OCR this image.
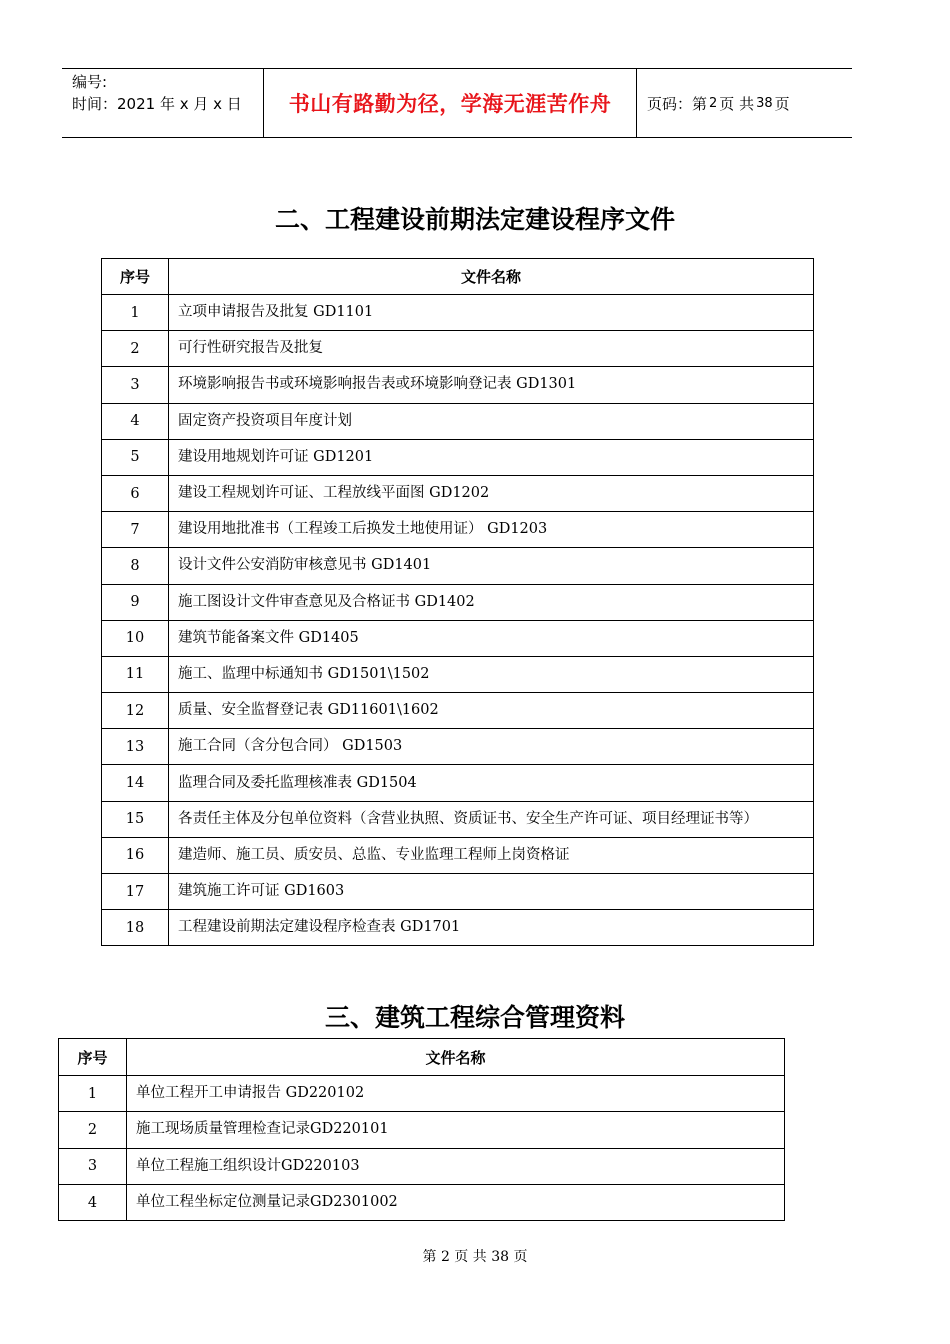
编号:
时间：2021 年 x 月 x 日	书山有路勤为径，学海无涯苦作舟	页码：第 2 页 共 38 页
二、工程建设前期法定建设程序文件
序号	文件名称
1	立项申请报告及批复 GD1101
2	可行性研究报告及批复
3	环境影响报告书或环境影响报告表或环境影响登记表 GD1301
4	固定资产投资项目年度计划
5	建设用地规划许可证 GD1201
6	建设工程规划许可证、工程放线平面图 GD1202
7	建设用地批准书（工程竣工后换发土地使用证） GD1203
8	设计文件公安消防审核意见书 GD1401
9	施工图设计文件审查意见及合格证书 GD1402
10	建筑节能备案文件 GD1405
11	施工、监理中标通知书 GD1501\1502
12	质量、安全监督登记表 GD11601\1602
13	施工合同（含分包合同） GD1503
14	监理合同及委托监理核准表 GD1504
15	各责任主体及分包单位资料（含营业执照、资质证书、安全生产许可证、项目经理证书等）
16	建造师、施工员、质安员、总监、专业监理工程师上岗资格证
17	建筑施工许可证 GD1603
18	工程建设前期法定建设程序检查表 GD1701
三、建筑工程综合管理资料
序号	文件名称
1	单位工程开工申请报告 GD220102
2	施工现场质量管理检查记录GD220101
3	单位工程施工组织设计GD220103
4	单位工程坐标定位测量记录GD2301002
第 2 页 共 38 页
